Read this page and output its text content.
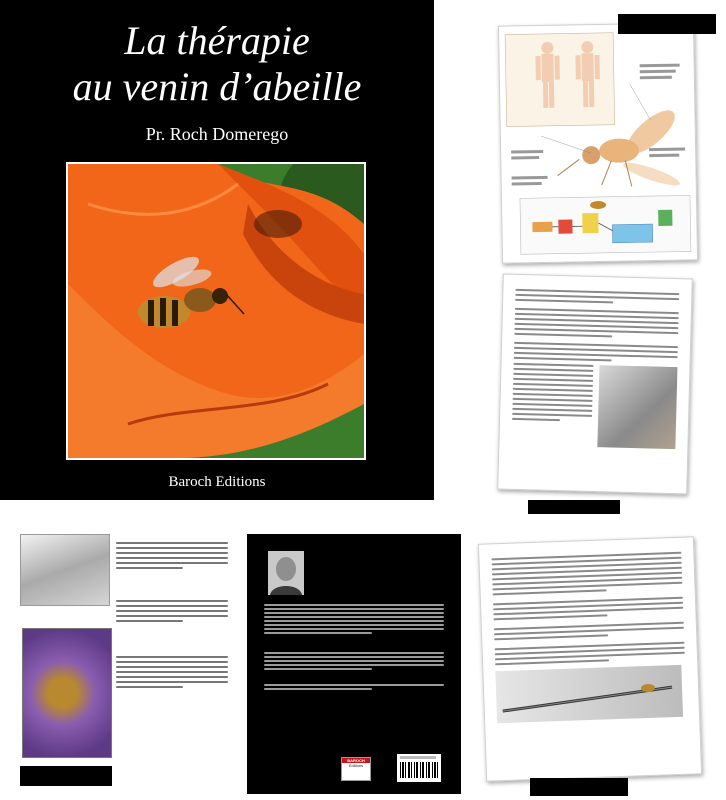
La thérapie
au venin d’abeille
Pr. Roch Domerego
Baroch Editions
BAROCH
Editions
